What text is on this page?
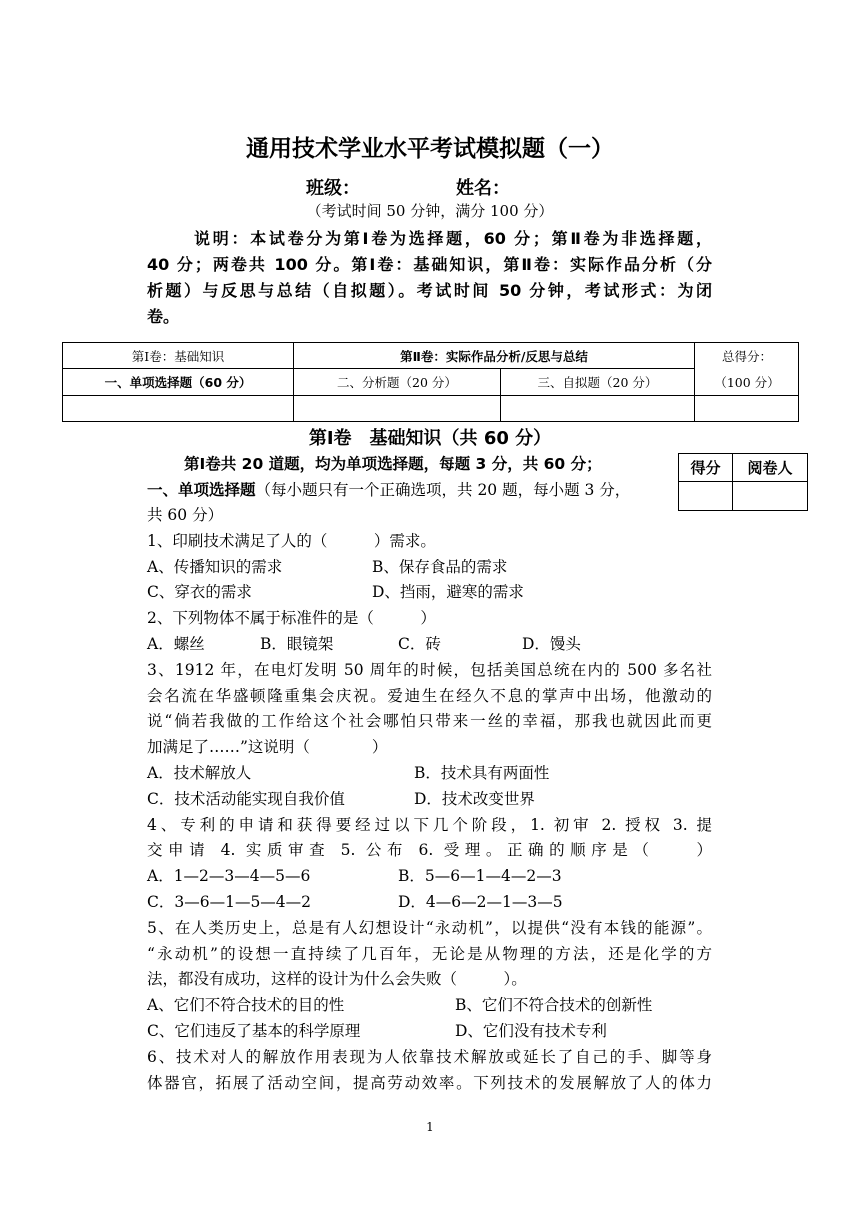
通用技术学业水平考试模拟题（一）
班级：	姓名：
（考试时间 50 分钟，满分 100 分）
说明：本试卷分为第Ⅰ卷为选择题，60 分；第Ⅱ卷为非选择题，
40 分；两卷共 100 分。第Ⅰ卷：基础知识，第Ⅱ卷：实际作品分析（分
析题）与反思与总结（自拟题）。考试时间 50 分钟，考试形式：为闭
卷。
第Ⅰ卷：基础知识	第Ⅱ卷：实际作品分析/反思与总结	总得分：
（100 分）
一、单项选择题（60 分）	二、分析题（20 分）	三、自拟题（20 分）
第Ⅰ卷　基础知识（共 60 分）
第Ⅰ卷共 20 道题，均为单项选择题，每题 3 分，共 60 分；	得分	阅卷人
一、单项选择题（每小题只有一个正确选项，共 20 题，每小题 3 分，
共 60 分）
1、印刷技术满足了人的（　　　）需求。
A、传播知识的需求	B、保存食品的需求
C、穿衣的需求	D、挡雨，避寒的需求
2、下列物体不属于标准件的是（　　　）
A．螺丝	B．眼镜架	C．砖	D．馒头
3、1912 年，在电灯发明 50 周年的时候，包括美国总统在内的 500 多名社
会名流在华盛顿隆重集会庆祝。爱迪生在经久不息的掌声中出场，他激动的
说“倘若我做的工作给这个社会哪怕只带来一丝的幸福，那我也就因此而更
加满足了……”这说明（　　　　）
A．技术解放人	B．技术具有两面性
C．技术活动能实现自我价值	D．技术改变世界
4、专利的申请和获得要经过以下几个阶段，1. 初审 2. 授权 3. 提
交申请 4. 实质审查 5. 公布 6. 受理。正确的顺序是（　　）
A．1—2—3—4—5—6	B．5—6—1—4—2—3
C．3—6—1—5—4—2	D．4—6—2—1—3—5
5、在人类历史上，总是有人幻想设计“永动机”，以提供“没有本钱的能源”。
“永动机”的设想一直持续了几百年，无论是从物理的方法，还是化学的方
法，都没有成功，这样的设计为什么会失败（　　　）。
A、它们不符合技术的目的性	B、它们不符合技术的创新性
C、它们违反了基本的科学原理	D、它们没有技术专利
6、技术对人的解放作用表现为人依靠技术解放或延长了自己的手、脚等身
体器官，拓展了活动空间，提高劳动效率。下列技术的发展解放了人的体力
1
